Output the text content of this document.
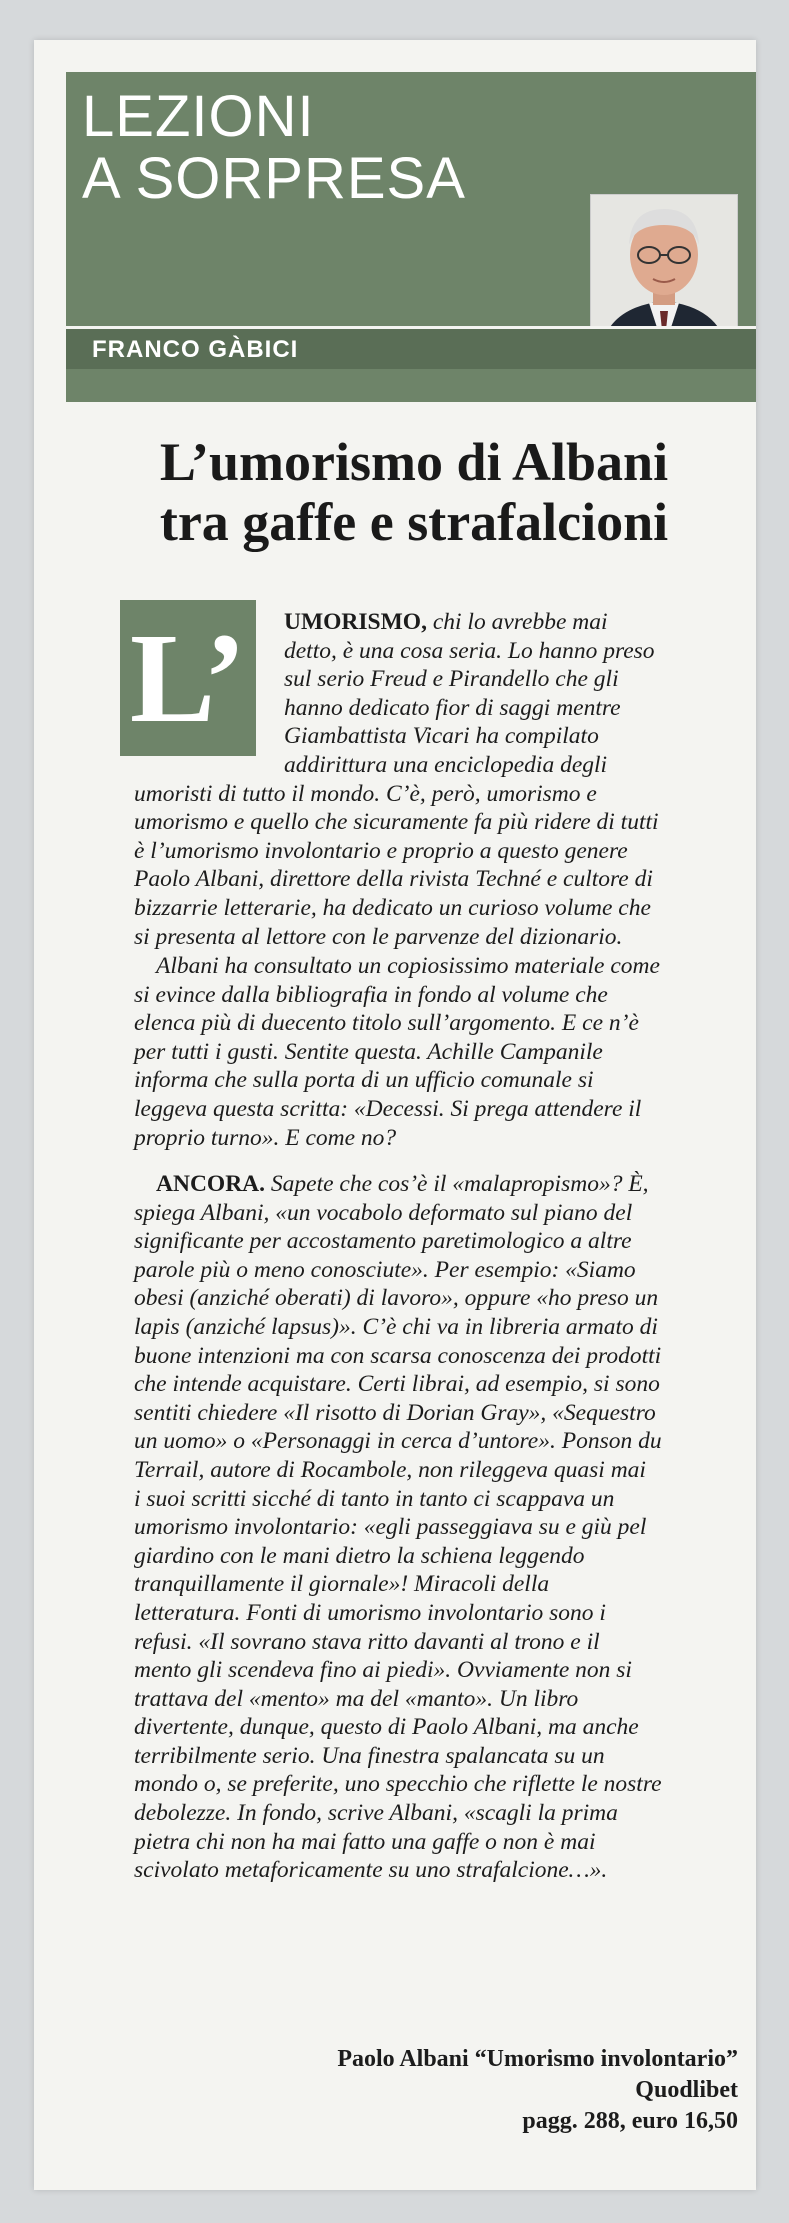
LEZIONI
A SORPRESA
FRANCO GÀBICI
L’umorismo di Albani
tra gaffe e strafalcioni
L’	UMORISMO, chi lo avrebbe mai
detto, è una cosa seria. Lo hanno preso
sul serio Freud e Pirandello che gli
hanno dedicato fior di saggi mentre
Giambattista Vicari ha compilato
addirittura una enciclopedia degli
umoristi di tutto il mondo. C’è, però, umorismo e
umorismo e quello che sicuramente fa più ridere di tutti
è l’umorismo involontario e proprio a questo genere
Paolo Albani, direttore della rivista Techné e cultore di
bizzarrie letterarie, ha dedicato un curioso volume che
si presenta al lettore con le parvenze del dizionario.

Albani ha consultato un copiosissimo materiale come
si evince dalla bibliografia in fondo al volume che
elenca più di duecento titolo sull’argomento. E ce n’è
per tutti i gusti. Sentite questa. Achille Campanile
informa che sulla porta di un ufficio comunale si
leggeva questa scritta: «Decessi. Si prega attendere il
proprio turno». E come no?

ANCORA. Sapete che cos’è il «malapropismo»? È,
spiega Albani, «un vocabolo deformato sul piano del
significante per accostamento paretimologico a altre
parole più o meno conosciute». Per esempio: «Siamo
obesi (anziché oberati) di lavoro», oppure «ho preso un
lapis (anziché lapsus)». C’è chi va in libreria armato di
buone intenzioni ma con scarsa conoscenza dei prodotti
che intende acquistare. Certi librai, ad esempio, si sono
sentiti chiedere «Il risotto di Dorian Gray», «Sequestro
un uomo» o «Personaggi in cerca d’untore». Ponson du
Terrail, autore di Rocambole, non rileggeva quasi mai
i suoi scritti sicché di tanto in tanto ci scappava un
umorismo involontario: «egli passeggiava su e giù pel
giardino con le mani dietro la schiena leggendo
tranquillamente il giornale»! Miracoli della
letteratura. Fonti di umorismo involontario sono i
refusi. «Il sovrano stava ritto davanti al trono e il
mento gli scendeva fino ai piedi». Ovviamente non si
trattava del «mento» ma del «manto». Un libro
divertente, dunque, questo di Paolo Albani, ma anche
terribilmente serio. Una finestra spalancata su un
mondo o, se preferite, uno specchio che riflette le nostre
debolezze. In fondo, scrive Albani, «scagli la prima
pietra chi non ha mai fatto una gaffe o non è mai
scivolato metaforicamente su uno strafalcione…».

Paolo Albani “Umorismo involontario”
Quodlibet
pagg. 288, euro 16,50
